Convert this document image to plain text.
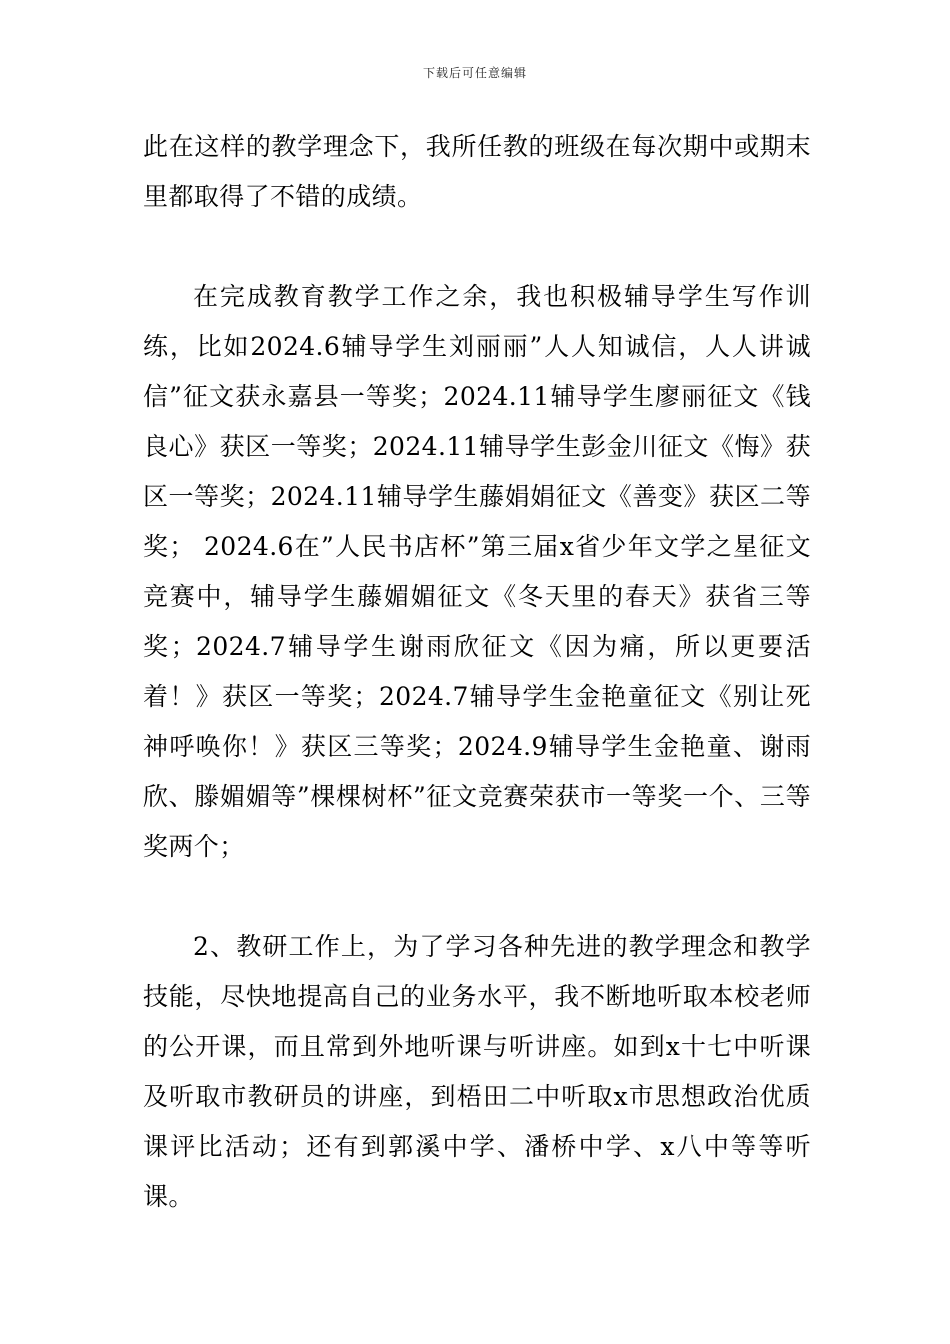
下载后可任意编辑

此在这样的教学理念下，我所任教的班级在每次期中或期末里都取得了不错的成绩。

在完成教育教学工作之余，我也积极辅导学生写作训练，比如2024.6辅导学生刘丽丽”人人知诚信，人人讲诚信”征文获永嘉县一等奖；2024.11辅导学生廖丽征文《钱良心》获区一等奖；2024.11辅导学生彭金川征文《悔》获区一等奖；2024.11辅导学生藤娟娟征文《善变》获区二等奖； 2024.6在”人民书店杯”第三届x省少年文学之星征文竞赛中，辅导学生藤媚媚征文《冬天里的春天》获省三等奖；2024.7辅导学生谢雨欣征文《因为痛，所以更要活着！》获区一等奖；2024.7辅导学生金艳童征文《别让死神呼唤你！》获区三等奖；2024.9辅导学生金艳童、谢雨欣、滕媚媚等”棵棵树杯”征文竞赛荣获市一等奖一个、三等奖两个；

2、教研工作上，为了学习各种先进的教学理念和教学技能，尽快地提高自己的业务水平，我不断地听取本校老师的公开课，而且常到外地听课与听讲座。如到x十七中听课及听取市教研员的讲座，到梧田二中听取x市思想政治优质课评比活动；还有到郭溪中学、潘桥中学、x八中等等听课。
